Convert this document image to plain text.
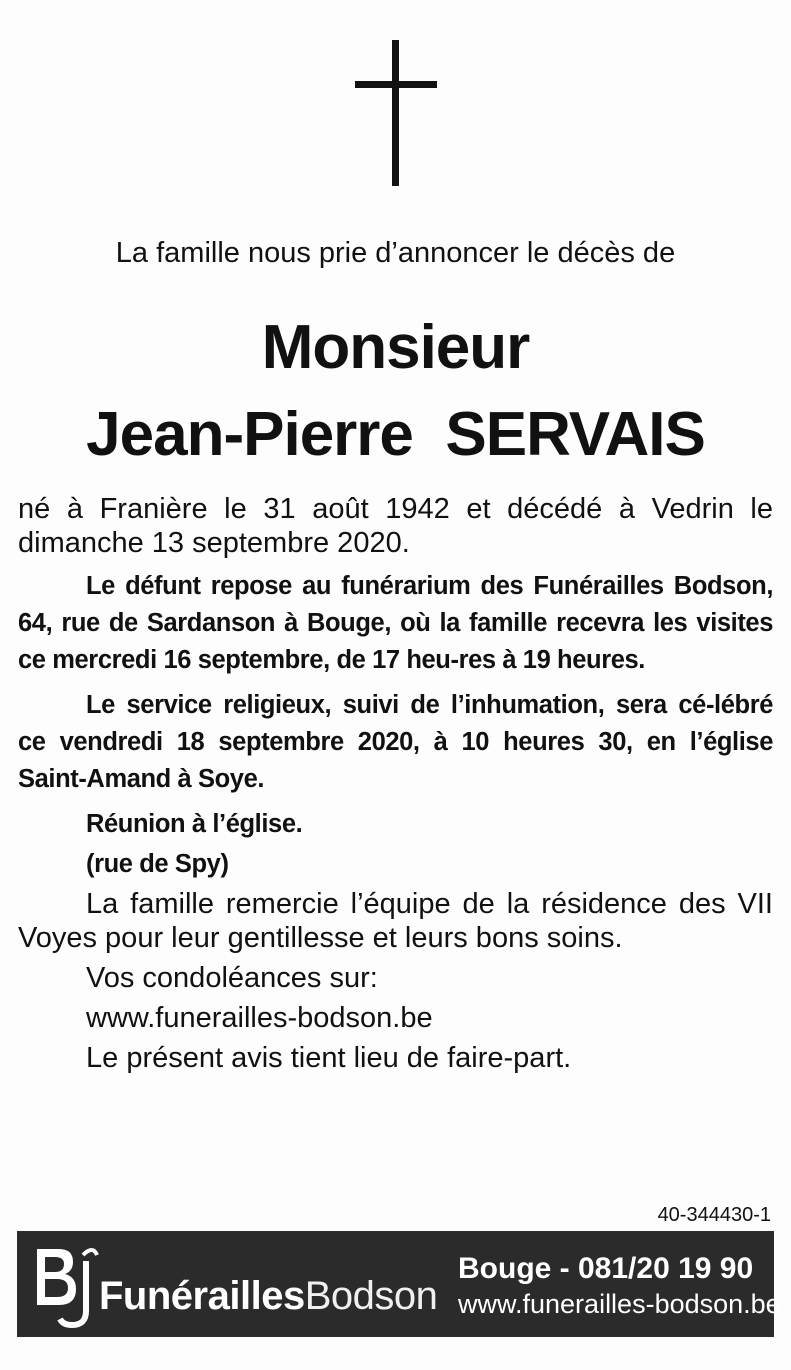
La famille nous prie d’annoncer le décès de
Monsieur
Jean-Pierre  SERVAIS

né à Franière le 31 août 1942 et décédé à Vedrin le dimanche 13 septembre 2020.

Le défunt repose au funérarium des Funérailles Bodson, 64, rue de Sardanson à Bouge, où la famille recevra les visites ce mercredi 16 septembre, de 17 heu-res à 19 heures.

Le service religieux, suivi de l’inhumation, sera cé-lébré ce vendredi 18 septembre 2020, à 10 heures 30, en l’église Saint-Amand à Soye.

Réunion à l’église.

(rue de Spy)

La famille remercie l’équipe de la résidence des VII Voyes pour leur gentillesse et leurs bons soins.

Vos condoléances sur:

www.funerailles-bodson.be

Le présent avis tient lieu de faire-part.

40-344430-1
FunéraillesBodson
Bouge - 081/20 19 90
www.funerailles-bodson.be
